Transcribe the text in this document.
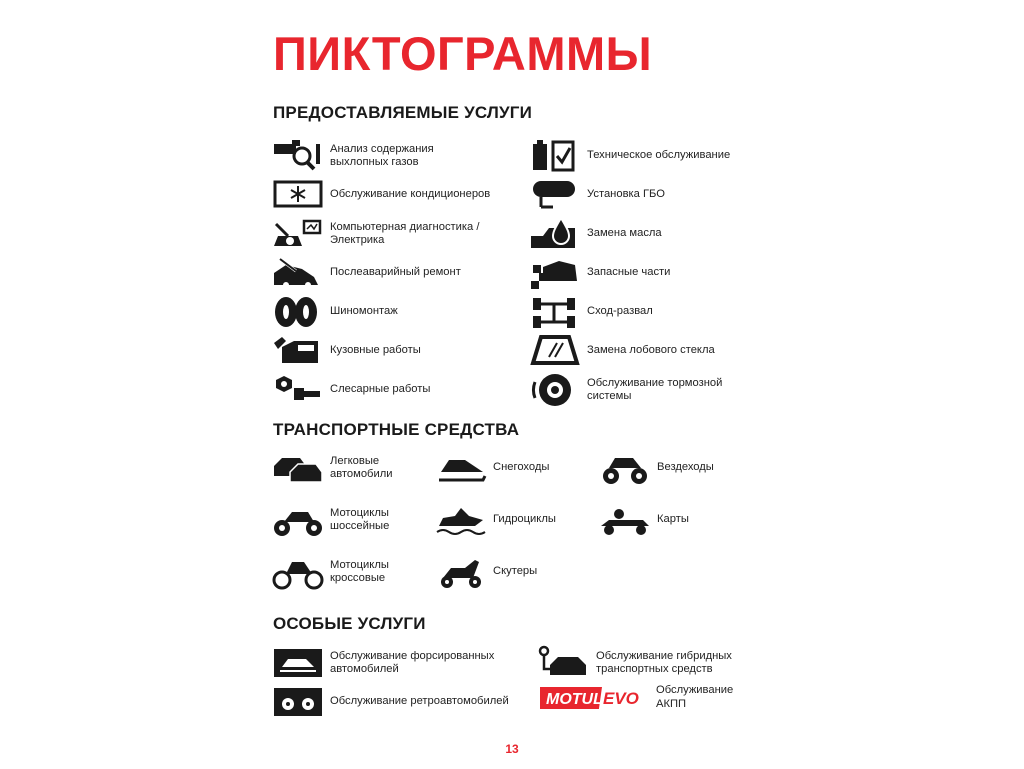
ПИКТОГРАММЫ
ПРЕДОСТАВЛЯЕМЫЕ УСЛУГИ
Анализ содержания
выхлопных газов
Обслуживание кондиционеров
Компьютерная диагностика /
Электрика
Послеаварийный ремонт
Шиномонтаж
Кузовные работы
Слесарные работы
Техническое обслуживание
Установка ГБО
Замена масла
Запасные части
Сход-развал
Замена лобового стекла
Обслуживание тормозной
системы
ТРАНСПОРТНЫЕ СРЕДСТВА
Легковые
автомобили
Снегоходы	Вездеходы
Мотоциклы
шоссейные
Гидроциклы	Карты
Мотоциклы
кроссовые
Скутеры
ОСОБЫЕ УСЛУГИ
Обслуживание форсированных
автомобилей
Обслуживание гибридных
транспортных средств
Обслуживание ретроавтомобилей MOTUL EVO Обслуживание
АКПП
13
